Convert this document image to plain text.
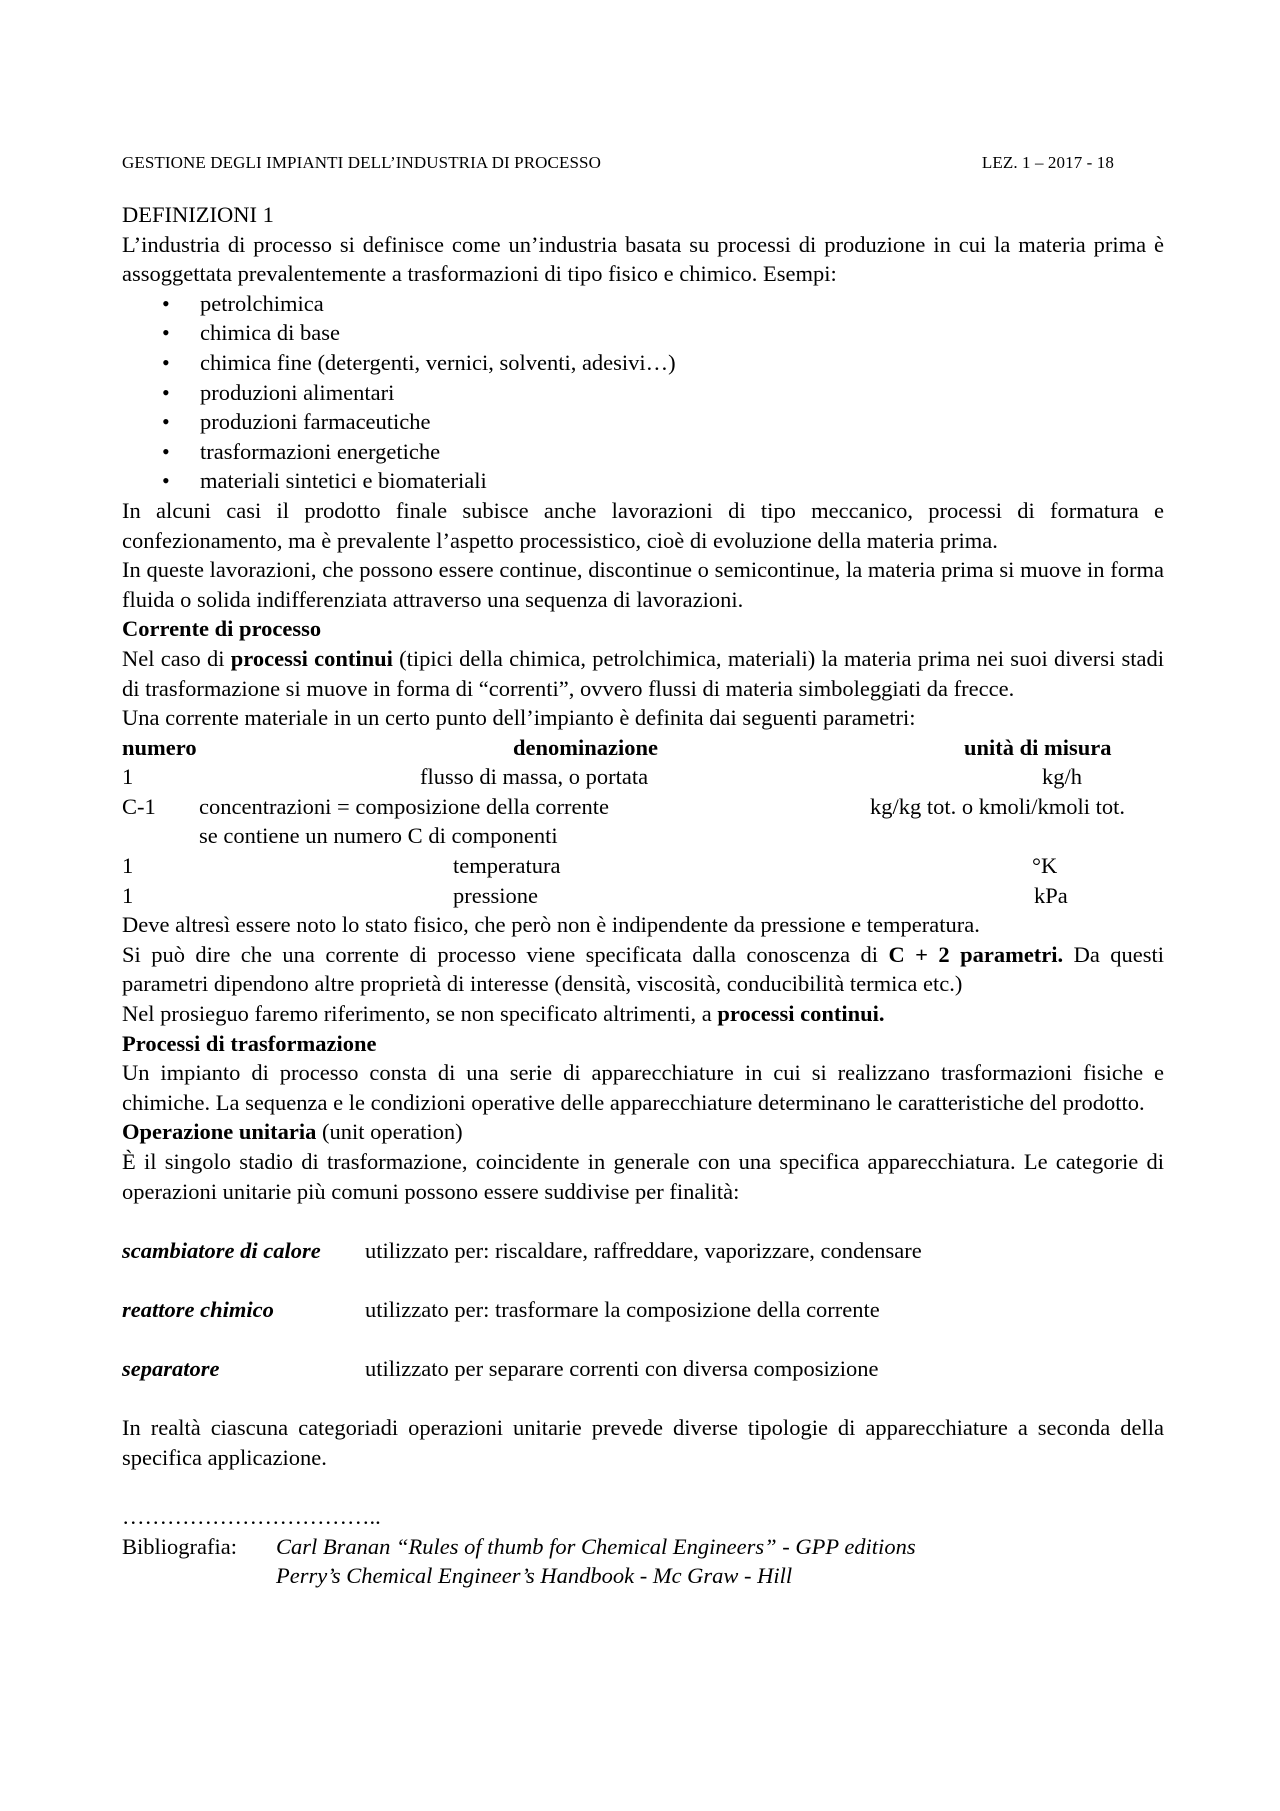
GESTIONE DEGLI IMPIANTI DELL’INDUSTRIA DI PROCESSO	LEZ. 1 – 2017 - 18

DEFINIZIONI 1

L’industria di processo si definisce come un’industria basata su processi di produzione in cui la materia prima è assoggettata prevalentemente a trasformazioni di tipo fisico e chimico. Esempi:

• petrolchimica
• chimica di base
• chimica fine (detergenti, vernici, solventi, adesivi…)
• produzioni alimentari
• produzioni farmaceutiche
• trasformazioni energetiche
• materiali sintetici e biomateriali

In alcuni casi il prodotto finale subisce anche lavorazioni di tipo meccanico, processi di formatura e confezionamento, ma è prevalente l’aspetto processistico, cioè di evoluzione della materia prima.

In queste lavorazioni, che possono essere continue, discontinue o semicontinue, la materia prima si muove in forma fluida o solida indifferenziata attraverso una sequenza di lavorazioni.

Corrente di processo

Nel caso di processi continui (tipici della chimica, petrolchimica, materiali) la materia prima nei suoi diversi stadi di trasformazione si muove in forma di “correnti”, ovvero flussi di materia simboleggiati da frecce.

Una corrente materiale in un certo punto dell’impianto è definita dai seguenti parametri:

numero	denominazione	unità di misura
1	flusso di massa, o portata	kg/h
C-1 concentrazioni = composizione della corrente	kg/kg tot. o kmoli/kmoli tot.
se contiene un numero C di componenti
1	temperatura	°K
1	pressione	kPa

Deve altresì essere noto lo stato fisico, che però non è indipendente da pressione e temperatura.

Si può dire che una corrente di processo viene specificata dalla conoscenza di C + 2 parametri. Da questi parametri dipendono altre proprietà di interesse (densità, viscosità, conducibilità termica etc.)

Nel prosieguo faremo riferimento, se non specificato altrimenti, a processi continui.

Processi di trasformazione

Un impianto di processo consta di una serie di apparecchiature in cui si realizzano trasformazioni fisiche e chimiche. La sequenza e le condizioni operative delle apparecchiature determinano le caratteristiche del prodotto.

Operazione unitaria (unit operation)

È il singolo stadio di trasformazione, coincidente in generale con una specifica apparecchiatura. Le categorie di operazioni unitarie più comuni possono essere suddivise per finalità:

scambiatore di calore utilizzato per: riscaldare, raffreddare, vaporizzare, condensare
reattore chimico	utilizzato per: trasformare la composizione della corrente
separatore	utilizzato per separare correnti con diversa composizione

In realtà ciascuna categoriadi operazioni unitarie prevede diverse tipologie di apparecchiature a seconda della specifica applicazione.

……………………………..

Bibliografia: Carl Branan “Rules of thumb for Chemical Engineers” - GPP editions
Perry’s Chemical Engineer’s Handbook - Mc Graw - Hill
